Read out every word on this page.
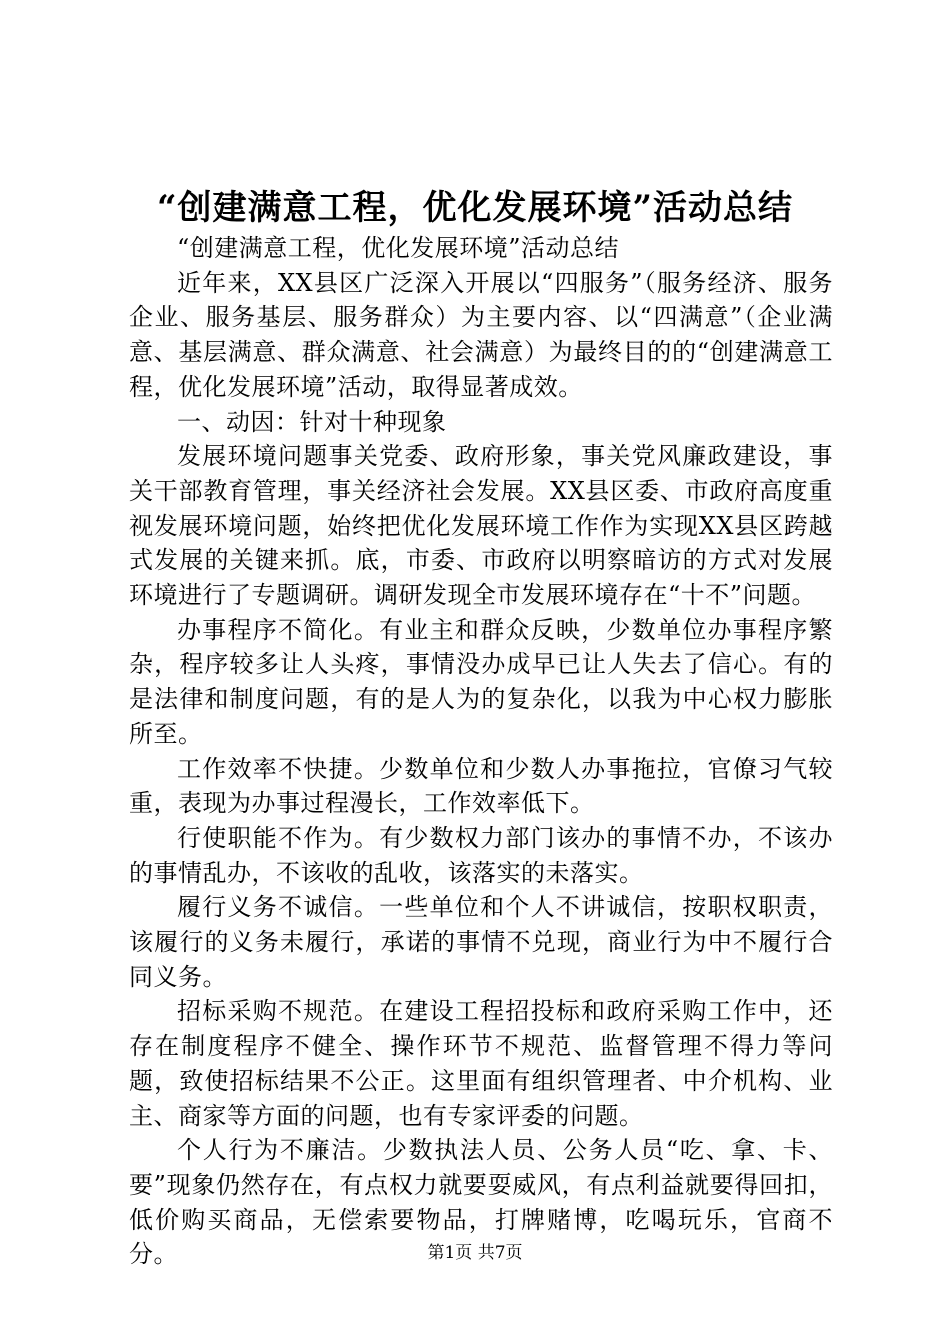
“创建满意工程，优化发展环境”活动总结

“创建满意工程，优化发展环境”活动总结

近年来，XX县区广泛深入开展以“四服务”（服务经济、服务企业、服务基层、服务群众）为主要内容、以“四满意”（企业满意、基层满意、群众满意、社会满意）为最终目的的“创建满意工程，优化发展环境”活动，取得显著成效。

一、动因：针对十种现象

发展环境问题事关党委、政府形象，事关党风廉政建设，事关干部教育管理，事关经济社会发展。XX县区委、市政府高度重视发展环境问题，始终把优化发展环境工作作为实现XX县区跨越式发展的关键来抓。底，市委、市政府以明察暗访的方式对发展环境进行了专题调研。调研发现全市发展环境存在“十不”问题。

办事程序不简化。有业主和群众反映，少数单位办事程序繁杂，程序较多让人头疼，事情没办成早已让人失去了信心。有的是法律和制度问题，有的是人为的复杂化，以我为中心权力膨胀所至。

工作效率不快捷。少数单位和少数人办事拖拉，官僚习气较重，表现为办事过程漫长，工作效率低下。

行使职能不作为。有少数权力部门该办的事情不办，不该办的事情乱办，不该收的乱收，该落实的未落实。

履行义务不诚信。一些单位和个人不讲诚信，按职权职责，该履行的义务未履行，承诺的事情不兑现，商业行为中不履行合同义务。

招标采购不规范。在建设工程招投标和政府采购工作中，还存在制度程序不健全、操作环节不规范、监督管理不得力等问题，致使招标结果不公正。这里面有组织管理者、中介机构、业主、商家等方面的问题，也有专家评委的问题。

个人行为不廉洁。少数执法人员、公务人员“吃、拿、卡、要”现象仍然存在，有点权力就要耍威风，有点利益就要得回扣，低价购买商品，无偿索要物品，打牌赌博，吃喝玩乐，官商不分。	第1页 共7页
